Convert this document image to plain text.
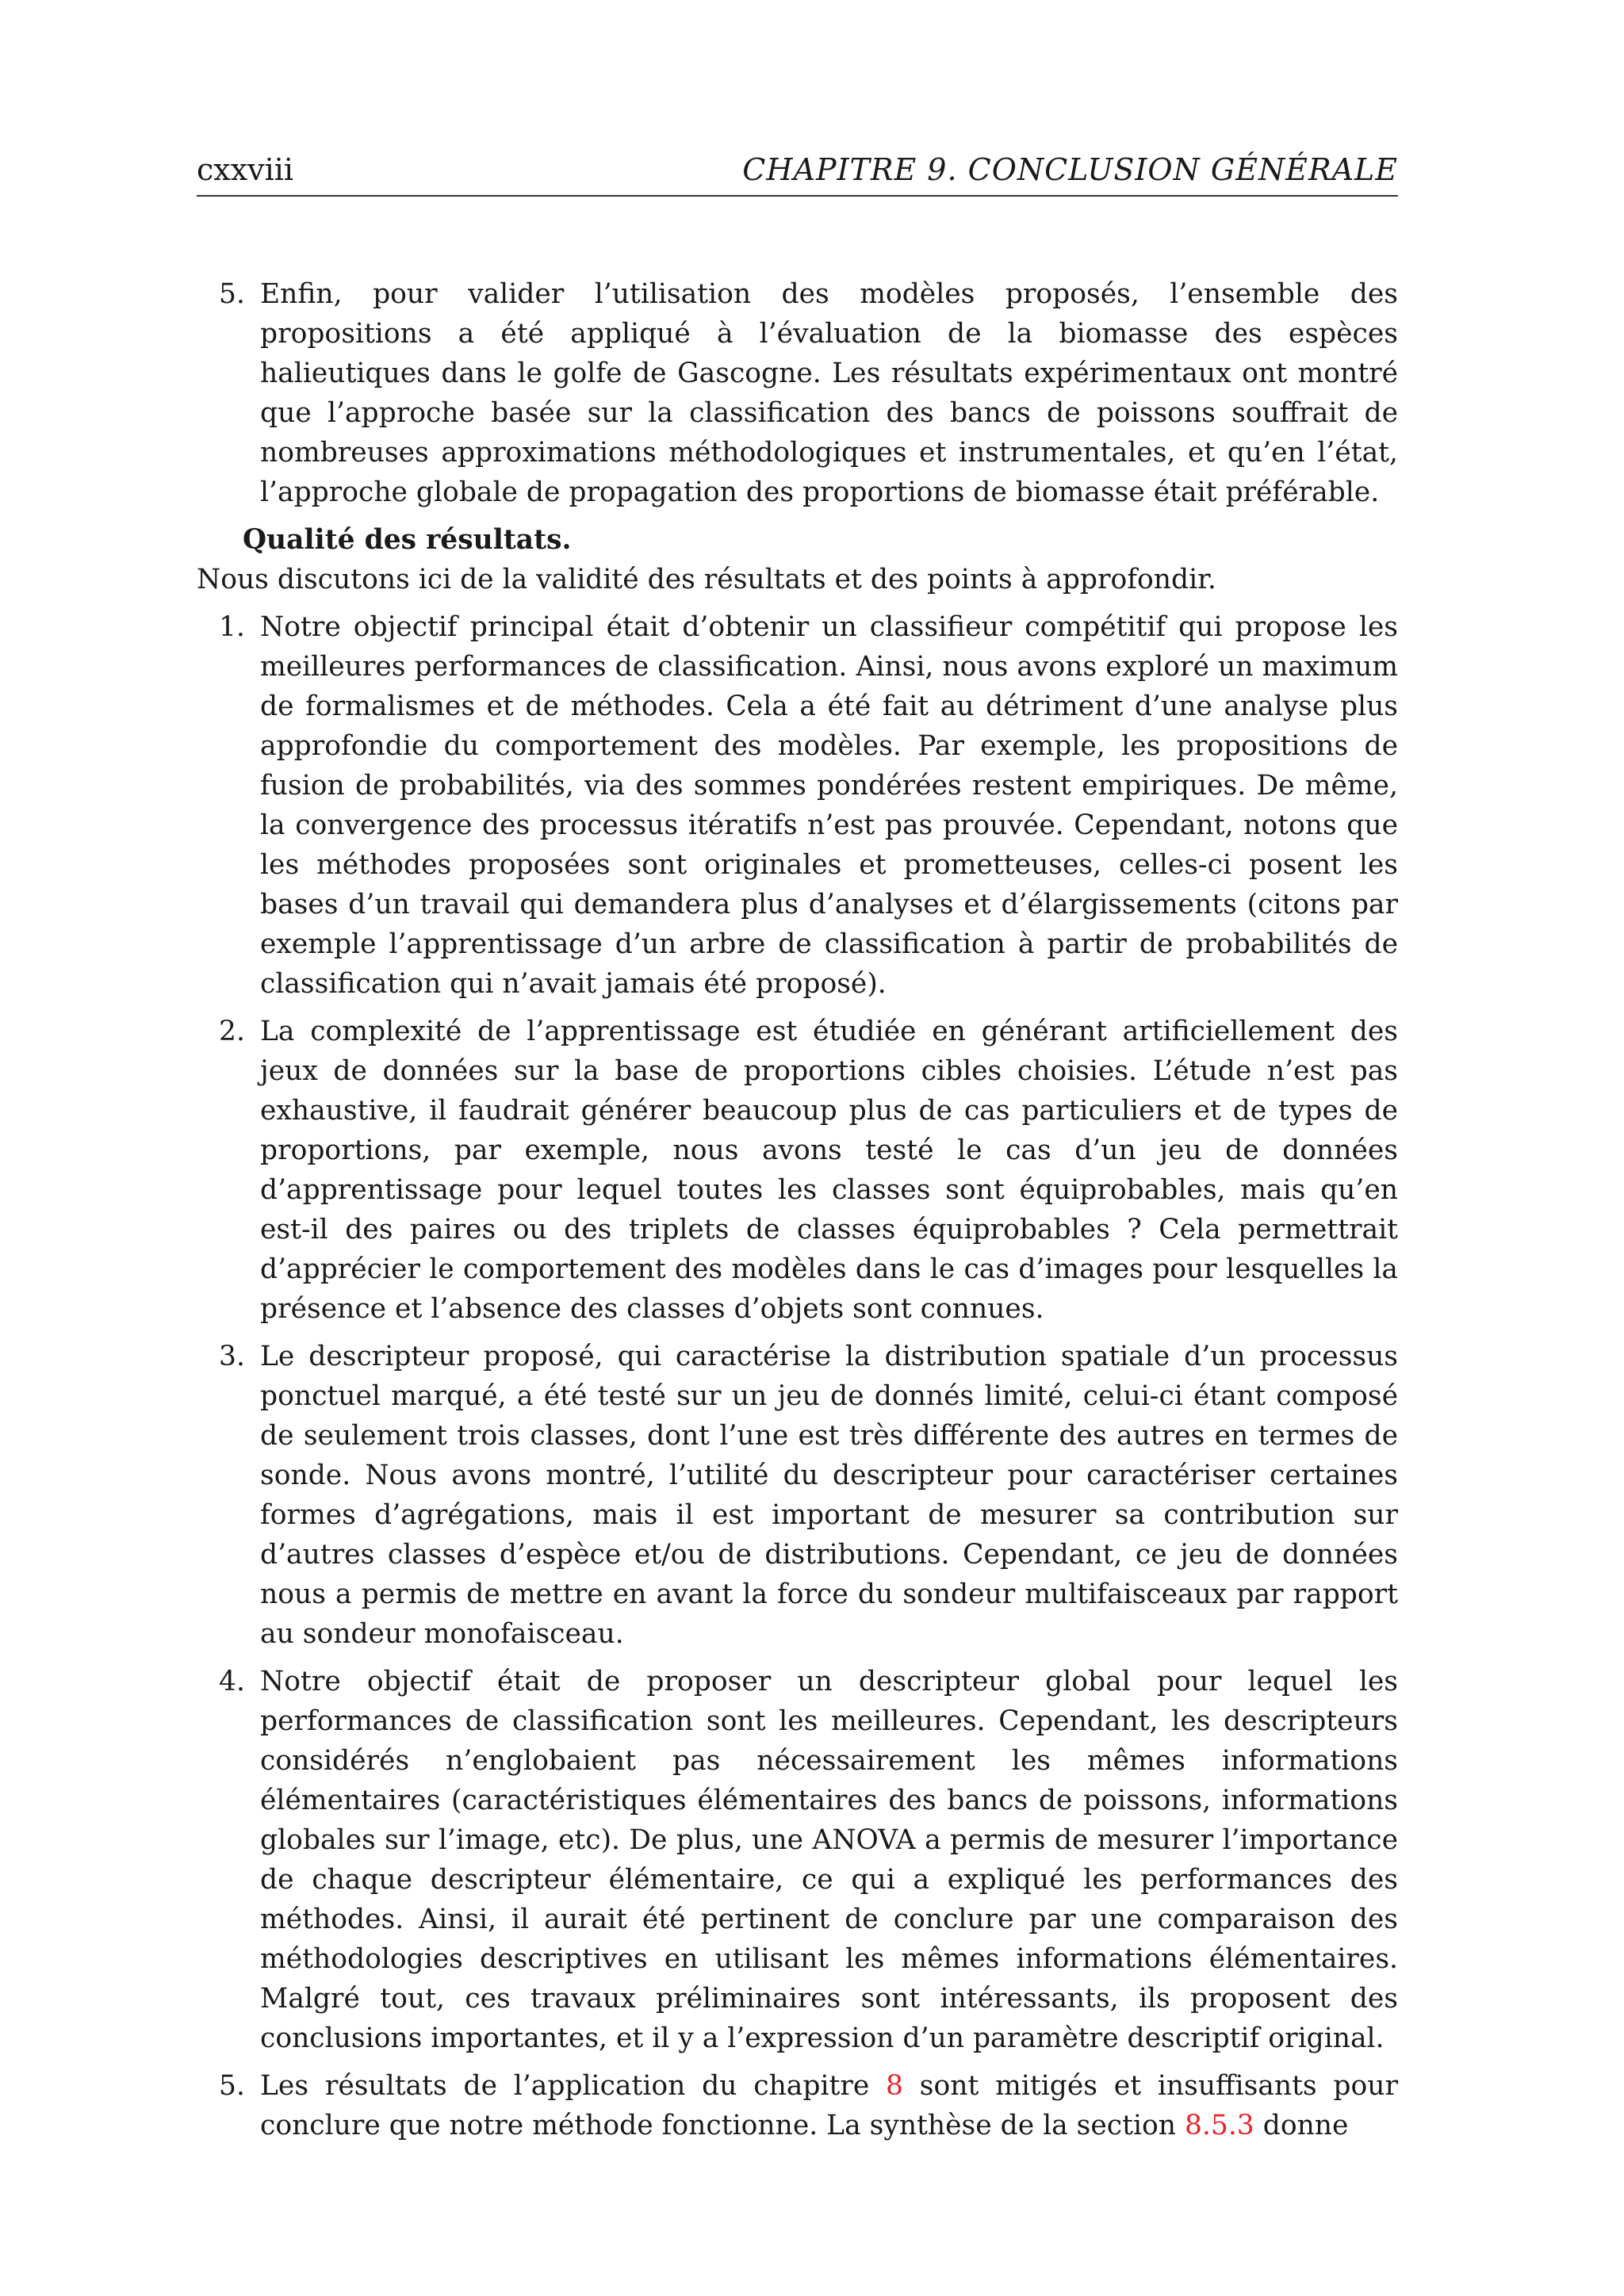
cxxviii	CHAPITRE 9. CONCLUSION GÉNÉRALE
5. Enfin, pour valider l’utilisation des modèles proposés, l’ensemble des propositions a été appliqué à l’évaluation de la biomasse des espèces halieutiques dans le golfe de Gascogne. Les résultats expérimentaux ont montré que l’approche basée sur la classification des bancs de poissons souffrait de nombreuses approximations méthodologiques et instrumentales, et qu’en l’état, l’approche globale de propagation des proportions de biomasse était préférable.
Qualité des résultats.

Nous discutons ici de la validité des résultats et des points à approfondir.

1. Notre objectif principal était d’obtenir un classifieur compétitif qui propose les meilleures performances de classification. Ainsi, nous avons exploré un maximum de formalismes et de méthodes. Cela a été fait au détriment d’une analyse plus approfondie du comportement des modèles. Par exemple, les propositions de fusion de probabilités, via des sommes pondérées restent empiriques. De même, la convergence des processus itératifs n’est pas prouvée. Cependant, notons que les méthodes proposées sont originales et prometteuses, celles-ci posent les bases d’un travail qui demandera plus d’analyses et d’élargissements (citons par exemple l’apprentissage d’un arbre de classification à partir de probabilités de classification qui n’avait jamais été proposé).
2. La complexité de l’apprentissage est étudiée en générant artificiellement des jeux de données sur la base de proportions cibles choisies. L’étude n’est pas exhaustive, il faudrait générer beaucoup plus de cas particuliers et de types de proportions, par exemple, nous avons testé le cas d’un jeu de données d’apprentissage pour lequel toutes les classes sont équiprobables, mais qu’en est-il des paires ou des triplets de classes équiprobables ? Cela permettrait d’apprécier le comportement des modèles dans le cas d’images pour lesquelles la présence et l’absence des classes d’objets sont connues.
3. Le descripteur proposé, qui caractérise la distribution spatiale d’un processus ponctuel marqué, a été testé sur un jeu de donnés limité, celui-ci étant composé de seulement trois classes, dont l’une est très différente des autres en termes de sonde. Nous avons montré, l’utilité du descripteur pour caractériser certaines formes d’agrégations, mais il est important de mesurer sa contribution sur d’autres classes d’espèce et/ou de distributions. Cependant, ce jeu de données nous a permis de mettre en avant la force du sondeur multifaisceaux par rapport au sondeur monofaisceau.
4. Notre objectif était de proposer un descripteur global pour lequel les performances de classification sont les meilleures. Cependant, les descripteurs considérés n’englobaient pas nécessairement les mêmes informations élémentaires (caractéristiques élémentaires des bancs de poissons, informations globales sur l’image, etc). De plus, une ANOVA a permis de mesurer l’importance de chaque descripteur élémentaire, ce qui a expliqué les performances des méthodes. Ainsi, il aurait été pertinent de conclure par une comparaison des méthodologies descriptives en utilisant les mêmes informations élémentaires. Malgré tout, ces travaux préliminaires sont intéressants, ils proposent des conclusions importantes, et il y a l’expression d’un paramètre descriptif original.
5. Les résultats de l’application du chapitre 8 sont mitigés et insuffisants pour conclure que notre méthode fonctionne. La synthèse de la section 8.5.3 donne
